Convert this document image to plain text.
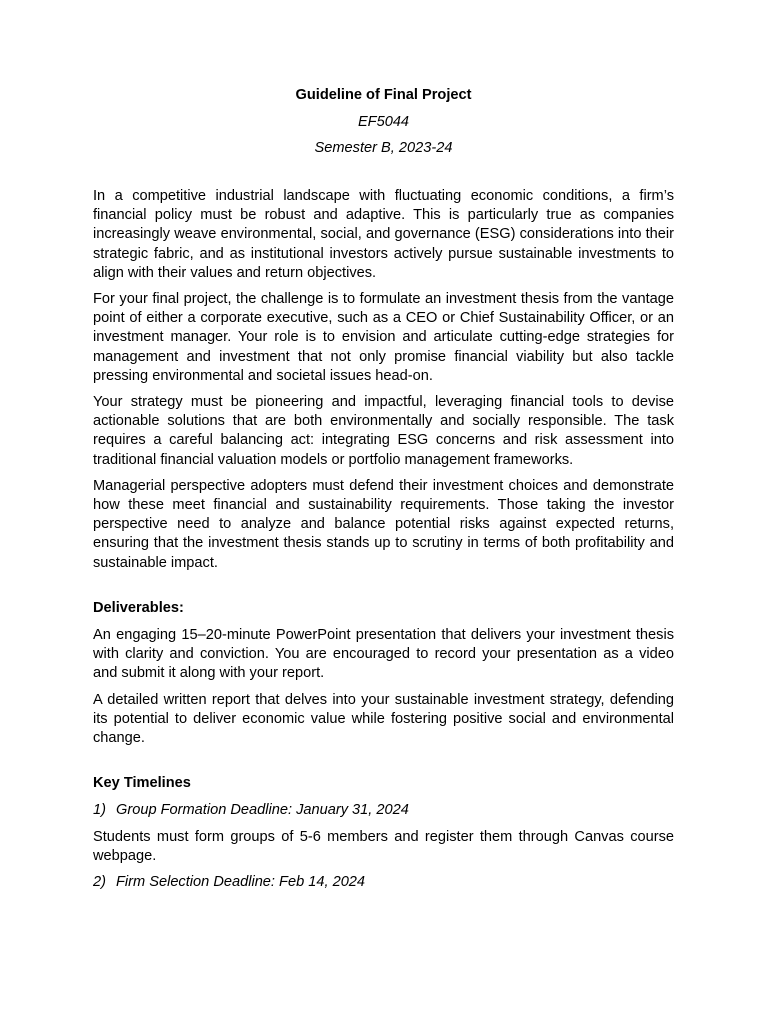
Guideline of Final Project

EF5044

Semester B, 2023-24

In a competitive industrial landscape with fluctuating economic conditions, a firm’s financial policy must be robust and adaptive. This is particularly true as companies increasingly weave environmental, social, and governance (ESG) considerations into their strategic fabric, and as institutional investors actively pursue sustainable investments to align with their values and return objectives.

For your final project, the challenge is to formulate an investment thesis from the vantage point of either a corporate executive, such as a CEO or Chief Sustainability Officer, or an investment manager. Your role is to envision and articulate cutting-edge strategies for management and investment that not only promise financial viability but also tackle pressing environmental and societal issues head-on.

Your strategy must be pioneering and impactful, leveraging financial tools to devise actionable solutions that are both environmentally and socially responsible. The task requires a careful balancing act: integrating ESG concerns and risk assessment into traditional financial valuation models or portfolio management frameworks.

Managerial perspective adopters must defend their investment choices and demonstrate how these meet financial and sustainability requirements. Those taking the investor perspective need to analyze and balance potential risks against expected returns, ensuring that the investment thesis stands up to scrutiny in terms of both profitability and sustainable impact.

Deliverables:

An engaging 15–20-minute PowerPoint presentation that delivers your investment thesis with clarity and conviction. You are encouraged to record your presentation as a video and submit it along with your report.

A detailed written report that delves into your sustainable investment strategy, defending its potential to deliver economic value while fostering positive social and environmental change.

Key Timelines

1) Group Formation Deadline: January 31, 2024

Students must form groups of 5-6 members and register them through Canvas course webpage.

2) Firm Selection Deadline: Feb 14, 2024
